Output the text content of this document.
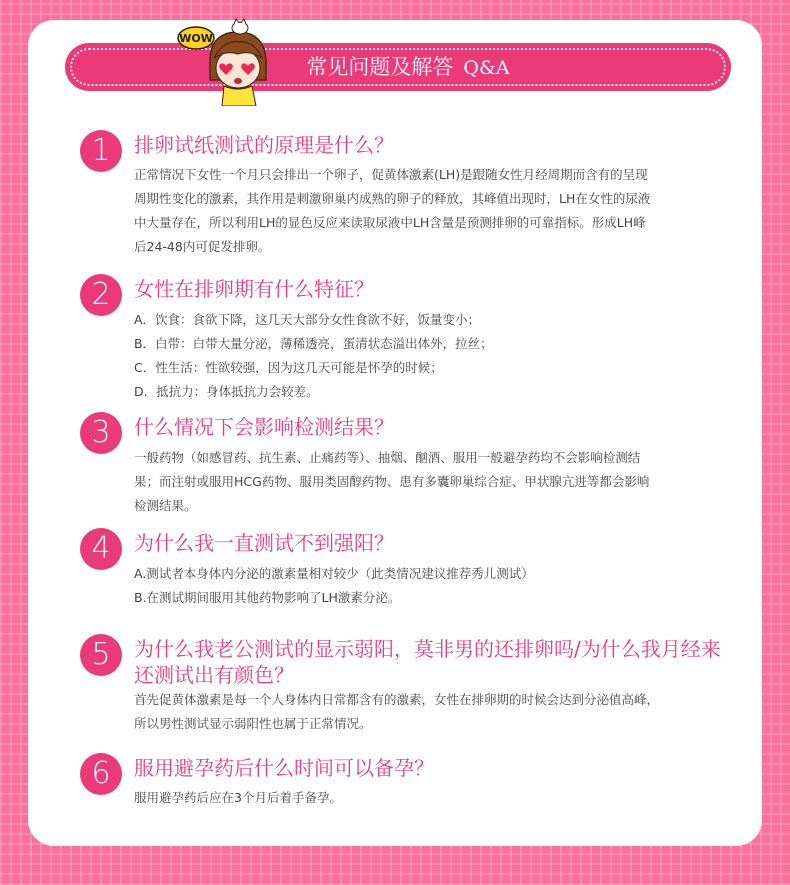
常见问题及解答 Q&A
WOW
1	排卵试纸测试的原理是什么？

正常情况下女性一个月只会排出一个卵子，促黄体激素(LH)是跟随女性月经周期而含有的呈现

周期性变化的激素，其作用是刺激卵巢内成熟的卵子的释放，其峰值出现时，LH在女性的尿液

中大量存在，所以利用LH的显色反应来读取尿液中LH含量是预测排卵的可靠指标。形成LH峰

后24-48内可促发排卵。

2	女性在排卵期有什么特征？

A．饮食：食欲下降，这几天大部分女性食欲不好，饭量变小；

B．白带：白带大量分泌，薄稀透亮，蛋清状态溢出体外，拉丝；

C．性生活：性欲较强，因为这几天可能是怀孕的时候；

D．抵抗力：身体抵抗力会较差。

3	什么情况下会影响检测结果？

一般药物（如感冒药、抗生素、止痛药等）、抽烟、酗酒、服用一般避孕药均不会影响检测结

果；而注射或服用HCG药物、服用类固醇药物、患有多囊卵巢综合症、甲状腺亢进等都会影响

检测结果。

4	为什么我一直测试不到强阳？

A.测试者本身体内分泌的激素量相对较少（此类情况建议推荐秀儿测试）

B.在测试期间服用其他药物影响了LH激素分泌。

5	为什么我老公测试的显示弱阳，莫非男的还排卵吗/为什么我月经来还测试出有颜色？

首先促黄体激素是每一个人身体内日常都含有的激素，女性在排卵期的时候会达到分泌值高峰，

所以男性测试显示弱阳性也属于正常情况。

6	服用避孕药后什么时间可以备孕？

服用避孕药后应在3个月后着手备孕。
